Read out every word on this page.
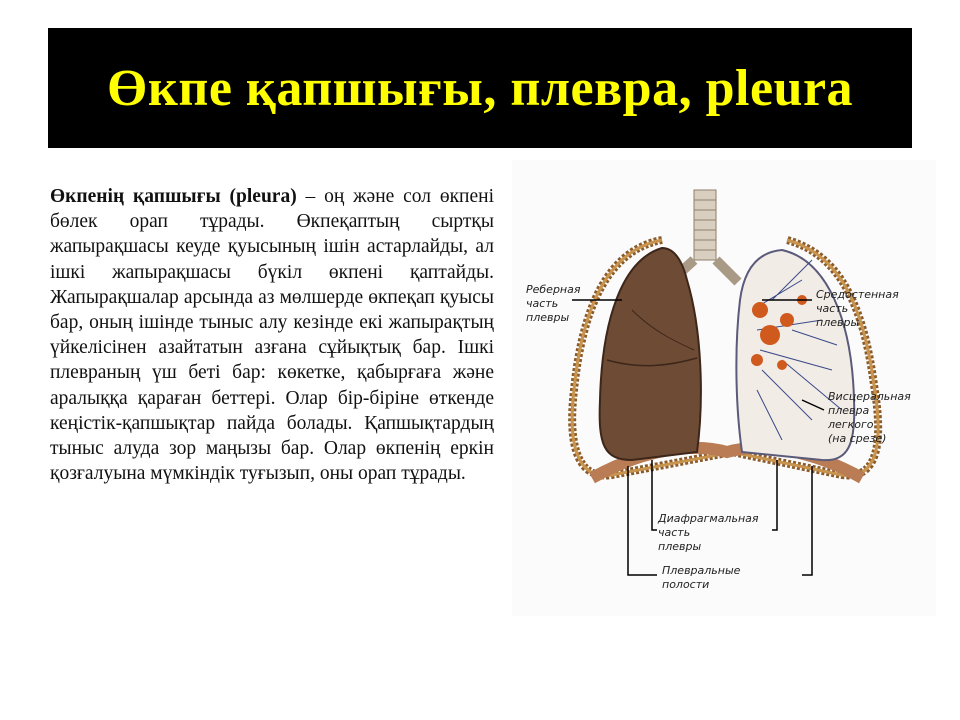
Өкпе қапшығы, плевра, pleura

Өкпенің қапшығы (pleura) – оң және сол өкпені бөлек орап тұрады. Өкпеқаптың сыртқы жапырақшасы кеуде қуысының ішін астарлайды, ал ішкі жапырақшасы бүкіл өкпені қаптайды. Жапырақшалар арсында аз мөлшерде өкпеқап қуысы бар, оның ішінде тыныс алу кезінде екі жапырақтың үйкелісінен азайтатын азғана сұйықтық бар. Ішкі плевраның үш беті бар: көкетке, қабырғаға және аралыққа қараған беттері. Олар бір-біріне өткенде кеңістік-қапшықтар пайда болады. Қапшықтардың тыныс алуда зор маңызы бар. Олар өкпенің еркін қозғалуына мүмкіндік туғызып, оны орап тұрады.

Реберная часть плевры
Средостенная часть плевры
Висцеральная плевра легкого (на срезе)
Диафрагмальная часть плевры
Плевральные полости
